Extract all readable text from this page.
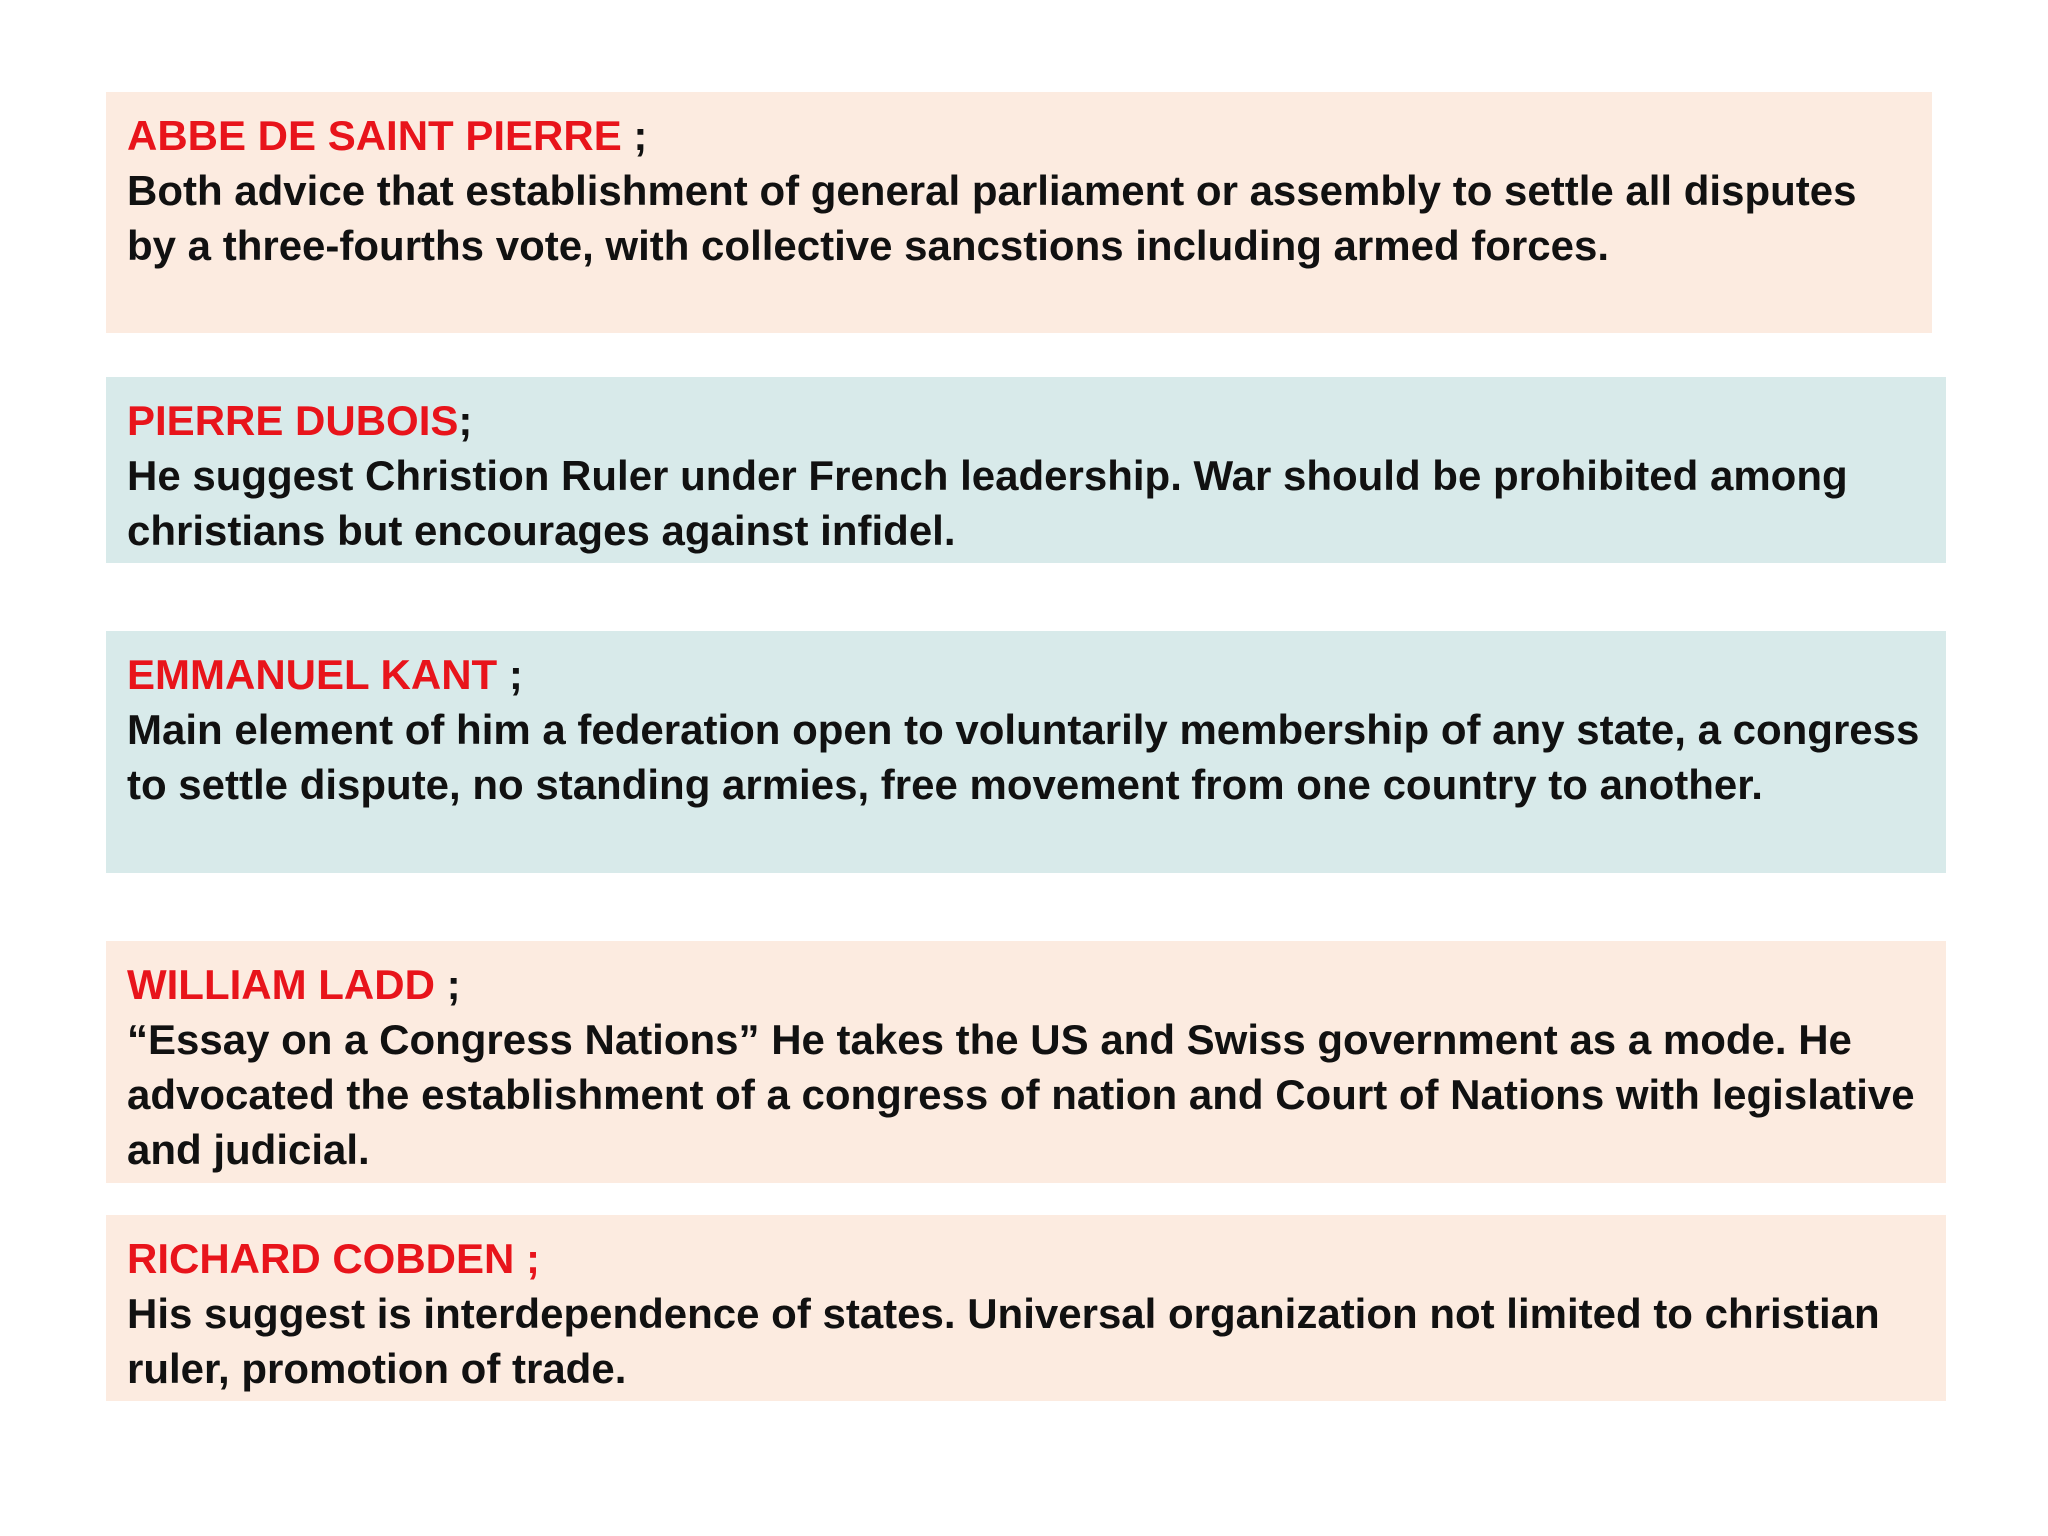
ABBE DE SAINT PIERRE ;
Both advice that establishment of general parliament or assembly to settle all disputes by a three-fourths vote, with collective sancstions including armed forces.
PIERRE DUBOIS;
He suggest Christion Ruler under French leadership. War should be prohibited among christians but encourages against infidel.
EMMANUEL KANT ;
Main element of him a federation open to voluntarily membership of any state, a congress to settle dispute, no standing armies, free movement from one country to another.
WILLIAM LADD ;
“Essay on a Congress Nations” He takes the US and Swiss government as a mode. He advocated the establishment of a congress of nation and Court of Nations with legislative and judicial.
RICHARD COBDEN ;
His suggest is interdependence of states. Universal organization not limited to christian ruler, promotion of trade.
